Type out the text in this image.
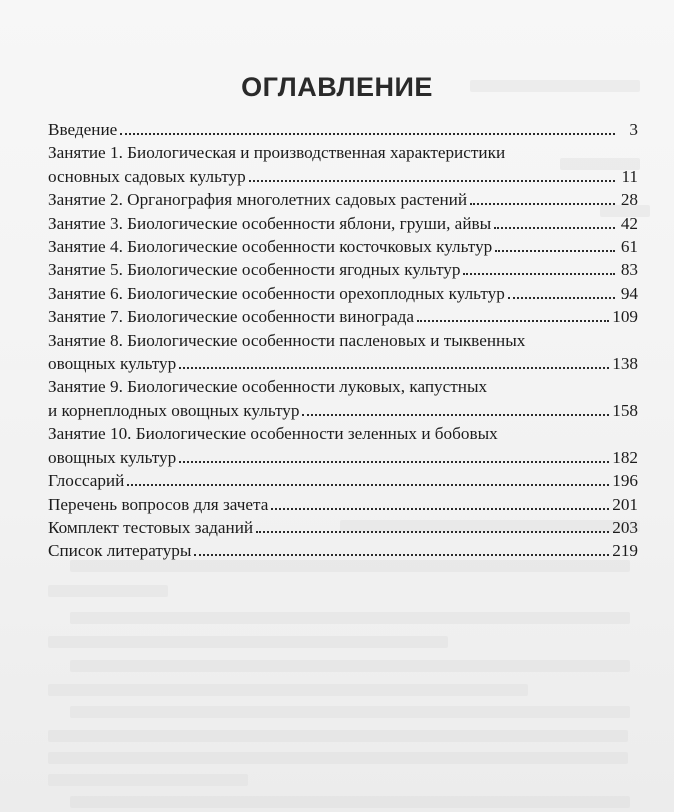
ОГЛАВЛЕНИЕ
Введение	3
Занятие 1. Биологическая и производственная характеристики
основных садовых культур	11
Занятие 2. Органография многолетних садовых растений	28
Занятие 3. Биологические особенности яблони, груши, айвы	42
Занятие 4. Биологические особенности косточковых культур	61
Занятие 5. Биологические особенности ягодных культур	83
Занятие 6. Биологические особенности орехоплодных культур	94
Занятие 7. Биологические особенности винограда	109
Занятие 8. Биологические особенности пасленовых и тыквенных
овощных культур	138
Занятие 9. Биологические особенности луковых, капустных
и корнеплодных овощных культур	158
Занятие 10. Биологические особенности зеленных и бобовых
овощных культур	182
Глоссарий	196
Перечень вопросов для зачета	201
Комплект тестовых заданий	203
Список литературы	219
